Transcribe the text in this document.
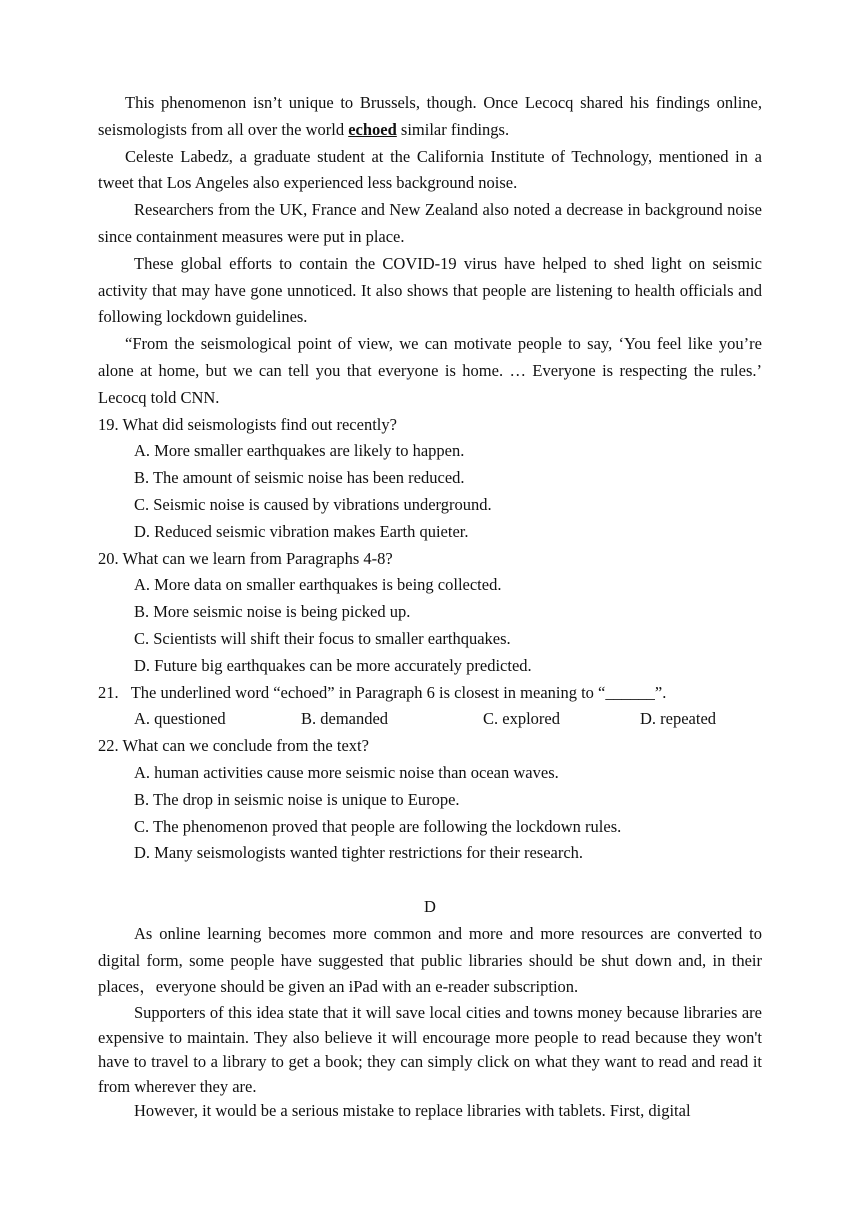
This phenomenon isn’t unique to Brussels, though. Once Lecocq shared his findings online, seismologists from all over the world echoed similar findings.

Celeste Labedz, a graduate student at the California Institute of Technology, mentioned in a tweet that Los Angeles also experienced less background noise.

Researchers from the UK, France and New Zealand also noted a decrease in background noise since containment measures were put in place.

These global efforts to contain the COVID-19 virus have helped to shed light on seismic activity that may have gone unnoticed. It also shows that people are listening to health officials and following lockdown guidelines.

“From the seismological point of view, we can motivate people to say, ‘You feel like you’re alone at home, but we can tell you that everyone is home. … Everyone is respecting the rules.’ Lecocq told CNN.

19. What did seismologists find out recently?
A. More smaller earthquakes are likely to happen.
B. The amount of seismic noise has been reduced.
C. Seismic noise is caused by vibrations underground.
D. Reduced seismic vibration makes Earth quieter.
20. What can we learn from Paragraphs 4-8?
A. More data on smaller earthquakes is being collected.
B. More seismic noise is being picked up.
C. Scientists will shift their focus to smaller earthquakes.
D. Future big earthquakes can be more accurately predicted.
21.   The underlined word “echoed” in Paragraph 6 is closest in meaning to “______”.
A. questioned	B. demanded	C. explored	D. repeated
22. What can we conclude from the text?
A. human activities cause more seismic noise than ocean waves.
B. The drop in seismic noise is unique to Europe.
C. The phenomenon proved that people are following the lockdown rules.
D. Many seismologists wanted tighter restrictions for their research.
D

As online learning becomes more common and more and more resources are converted to digital form, some people have suggested that public libraries should be shut down and, in their places，everyone should be given an iPad with an e-reader subscription.

Supporters of this idea state that it will save local cities and towns money because libraries are expensive to maintain. They also believe it will encourage more people to read because they won't have to travel to a library to get a book; they can simply click on what they want to read and read it from wherever they are.

However, it would be a serious mistake to replace libraries with tablets. First, digital
